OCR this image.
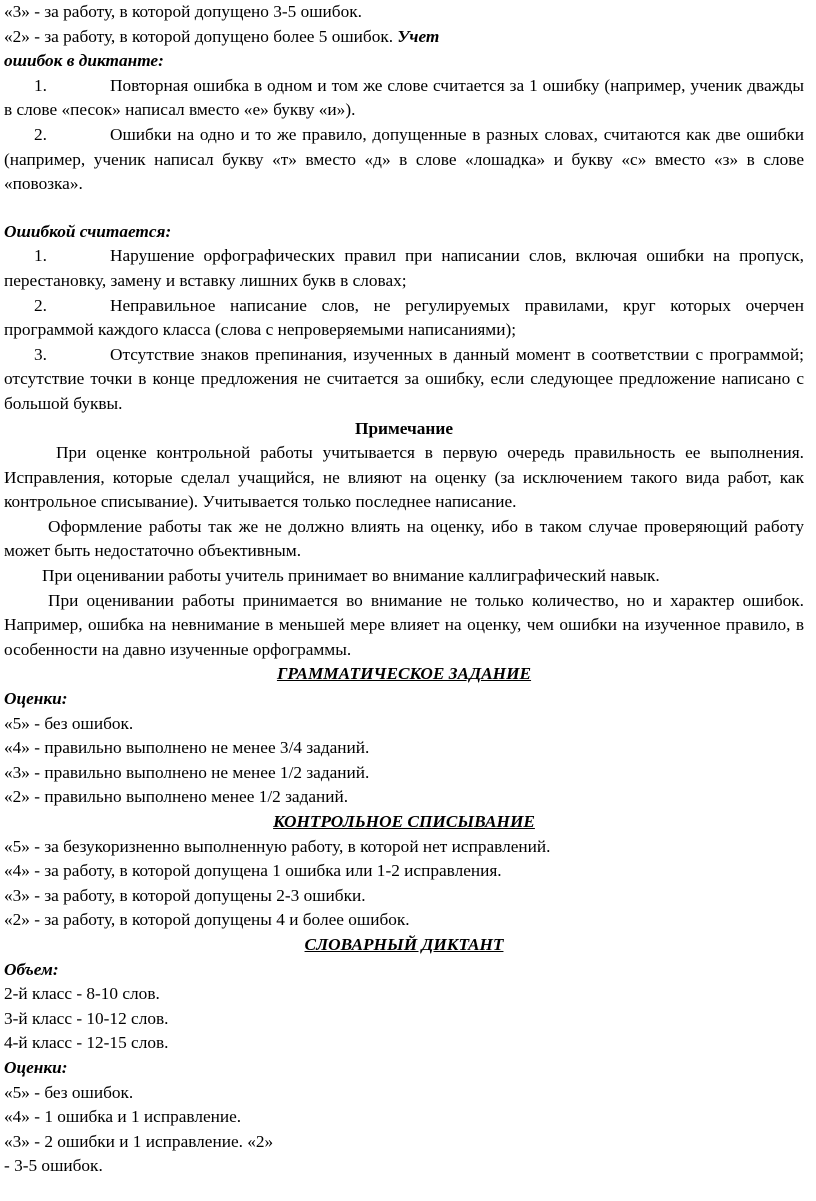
«3» - за работу, в которой допущено 3-5 ошибок.

«2» - за работу, в которой допущено более 5 ошибок. Учет

ошибок в диктанте:

1.	Повторная ошибка в одном и том же слове считается за 1 ошибку (например, ученик дважды в слове «песок» написал вместо «е» букву «и»).

2.	Ошибки на одно и то же правило, допущенные в разных словах, считаются как две ошибки (например, ученик написал букву «т» вместо «д» в слове «лошадка» и букву «с» вместо «з» в слове «повозка».

Ошибкой считается:

1.	Нарушение орфографических правил при написании слов, включая ошибки на пропуск, перестановку, замену и вставку лишних букв в словах;

2.	Неправильное написание слов, не регулируемых правилами, круг которых очерчен программой каждого класса (слова с непроверяемыми написаниями);

3.	Отсутствие знаков препинания, изученных в данный момент в соответствии с программой; отсутствие точки в конце предложения не считается за ошибку, если следующее предложение написано с большой буквы.

Примечание

При оценке контрольной работы учитывается в первую очередь правильность ее выполнения. Исправления, которые сделал учащийся, не влияют на оценку (за исключением такого вида работ, как контрольное списывание). Учитывается только последнее написание.

Оформление работы так же не должно влиять на оценку, ибо в таком случае проверяющий работу может быть недостаточно объективным.

При оценивании работы учитель принимает во внимание каллиграфический навык.

При оценивании работы принимается во внимание не только количество, но и характер ошибок. Например, ошибка на невнимание в меньшей мере влияет на оценку, чем ошибки на изученное правило, в особенности на давно изученные орфограммы.

ГРАММАТИЧЕСКОЕ ЗАДАНИЕ

Оценки:

«5» - без ошибок.

«4» - правильно выполнено не менее 3/4 заданий.

«3» - правильно выполнено не менее 1/2 заданий.

«2» - правильно выполнено менее 1/2 заданий.

КОНТРОЛЬНОЕ СПИСЫВАНИЕ

«5» - за безукоризненно выполненную работу, в которой нет исправлений.

«4» - за работу, в которой допущена 1 ошибка или 1-2 исправления.

«3» - за работу, в которой допущены 2-3 ошибки.

«2» - за работу, в которой допущены 4 и более ошибок.

СЛОВАРНЫЙ ДИКТАНТ

Объем:

2-й класс - 8-10 слов.

3-й класс - 10-12 слов.

4-й класс - 12-15 слов.

Оценки:

«5» - без ошибок.

«4» - 1 ошибка и 1 исправление.

«3» - 2 ошибки и 1 исправление. «2»

- 3-5 ошибок.
